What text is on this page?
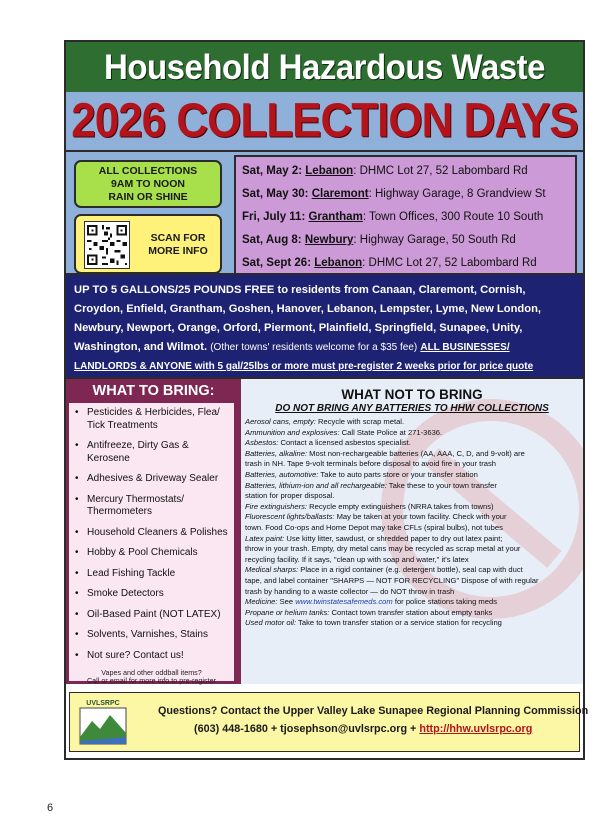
Household Hazardous Waste
2026 COLLECTION DAYS
ALL COLLECTIONS
9AM TO NOON
RAIN OR SHINE
SCAN FOR
MORE INFO
Sat, May 2: Lebanon: DHMC Lot 27, 52 Labombard Rd
Sat, May 30: Claremont: Highway Garage, 8 Grandview St
Fri, July 11: Grantham: Town Offices, 300 Route 10 South
Sat, Aug 8: Newbury: Highway Garage, 50 South Rd
Sat, Sept 26: Lebanon: DHMC Lot 27, 52 Labombard Rd
UP TO 5 GALLONS/25 POUNDS FREE to residents from Canaan, Claremont, Cornish, Croydon, Enfield, Grantham, Goshen, Hanover, Lebanon, Lempster, Lyme, New London, Newbury, Newport, Orange, Orford, Piermont, Plainfield, Springfield, Sunapee, Unity, Washington, and Wilmot. (Other towns' residents welcome for a $35 fee) ALL BUSINESSES/ LANDLORDS & ANYONE with 5 gal/25lbs or more must pre-register 2 weeks prior for price quote
WHAT TO BRING:
• Pesticides & Herbicides, Flea/ Tick Treatments
• Antifreeze, Dirty Gas & Kerosene
• Adhesives & Driveway Sealer
• Mercury Thermostats/ Thermometers
• Household Cleaners & Polishes
• Hobby & Pool Chemicals
• Lead Fishing Tackle
• Smoke Detectors
• Oil-Based Paint (NOT LATEX)
• Solvents, Varnishes, Stains
• Not sure? Contact us!
Vapes and other oddball items?
Call or email for more info to pre-register
WHAT NOT TO BRING
DO NOT BRING ANY BATTERIES TO HHW COLLECTIONS
Aerosol cans, empty: Recycle with scrap metal.
Ammunition and explosives: Call State Police at 271-3636.
Asbestos: Contact a licensed asbestos specialist.
Batteries, alkaline: Most non-rechargeable batteries (AA, AAA, C, D, and 9-volt) are
trash in NH. Tape 9-volt terminals before disposal to avoid fire in your trash
Batteries, automotive: Take to auto parts store or your transfer station
Batteries, lithium-ion and all rechargeable: Take these to your town transfer
station for proper disposal.
Fire extinguishers: Recycle empty extinguishers (NRRA takes from towns)
Fluorescent lights/ballasts: May be taken at your town facility. Check with your
town. Food Co-ops and Home Depot may take CFLs (spiral bulbs), not tubes
Latex paint: Use kitty litter, sawdust, or shredded paper to dry out latex paint;
throw in your trash. Empty, dry metal cans may be recycled as scrap metal at your
recycling facility. If it says, "clean up with soap and water," it's latex
Medical sharps: Place in a rigid container (e.g. detergent bottle), seal cap with duct
tape, and label container "SHARPS — NOT FOR RECYCLING" Dispose of with regular
trash by handing to a waste collector — do NOT throw in trash
Medicine: See www.twinstatesafemeds.com for police stations taking meds
Propane or helium tanks: Contact town transfer station about empty tanks
Used motor oil: Take to town transfer station or a service station for recycling
UVLSRPC
Questions? Contact the Upper Valley Lake Sunapee Regional Planning Commission
(603) 448-1680 + tjosephson@uvlsrpc.org + http://hhw.uvlsrpc.org
6
